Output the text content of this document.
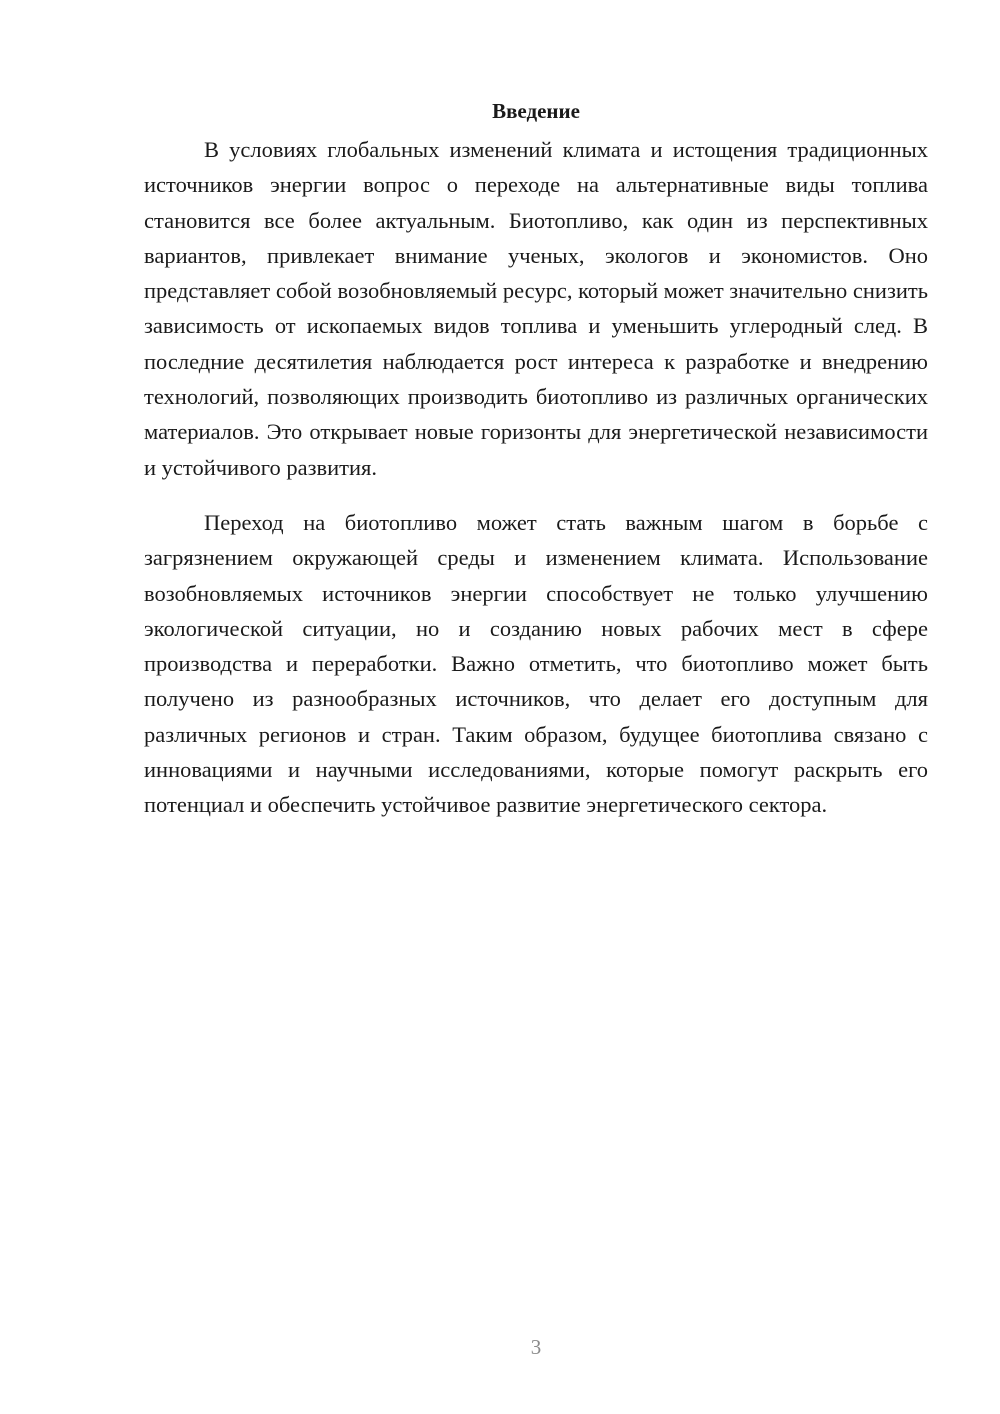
Введение

В условиях глобальных изменений климата и истощения традиционных источников энергии вопрос о переходе на альтернативные виды топлива становится все более актуальным. Биотопливо, как один из перспективных вариантов, привлекает внимание ученых, экологов и экономистов. Оно представляет собой возобновляемый ресурс, который может значительно снизить зависимость от ископаемых видов топлива и уменьшить углеродный след. В последние десятилетия наблюдается рост интереса к разработке и внедрению технологий, позволяющих производить биотопливо из различных органических материалов. Это открывает новые горизонты для энергетической независимости и устойчивого развития.

Переход на биотопливо может стать важным шагом в борьбе с загрязнением окружающей среды и изменением климата. Использование возобновляемых источников энергии способствует не только улучшению экологической ситуации, но и созданию новых рабочих мест в сфере производства и переработки. Важно отметить, что биотопливо может быть получено из разнообразных источников, что делает его доступным для различных регионов и стран. Таким образом, будущее биотоплива связано с инновациями и научными исследованиями, которые помогут раскрыть его потенциал и обеспечить устойчивое развитие энергетического сектора.

3
